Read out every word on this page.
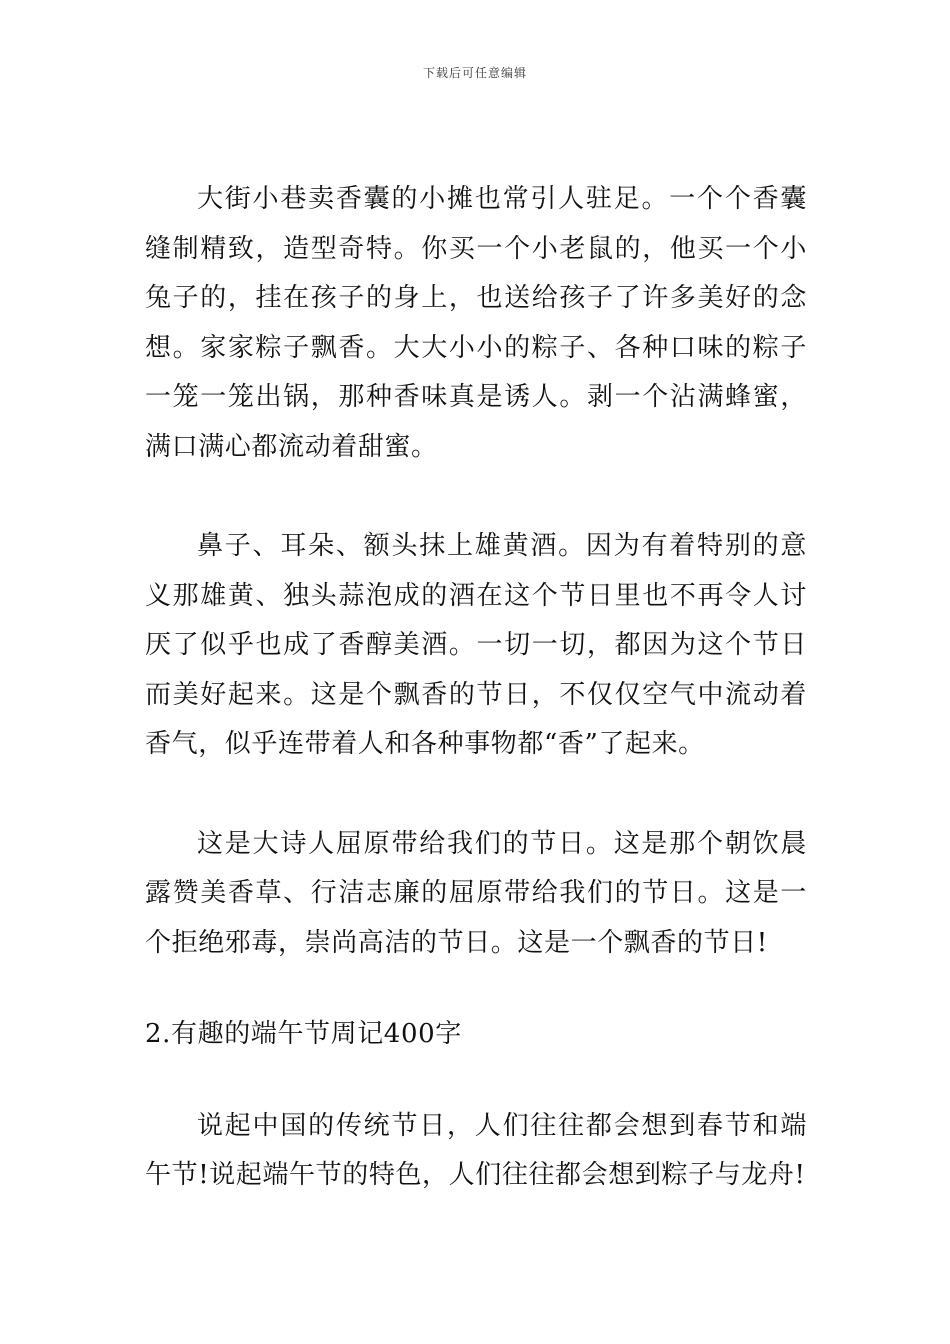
下载后可任意编辑

大街小巷卖香囊的小摊也常引人驻足。一个个香囊缝制精致，造型奇特。你买一个小老鼠的，他买一个小兔子的，挂在孩子的身上，也送给孩子了许多美好的念想。家家粽子飘香。大大小小的粽子、各种口味的粽子一笼一笼出锅，那种香味真是诱人。剥一个沾满蜂蜜，满口满心都流动着甜蜜。

鼻子、耳朵、额头抹上雄黄酒。因为有着特别的意义那雄黄、独头蒜泡成的酒在这个节日里也不再令人讨厌了似乎也成了香醇美酒。一切一切，都因为这个节日而美好起来。这是个飘香的节日，不仅仅空气中流动着香气，似乎连带着人和各种事物都“香”了起来。

这是大诗人屈原带给我们的节日。这是那个朝饮晨露赞美香草、行洁志廉的屈原带给我们的节日。这是一个拒绝邪毒，崇尚高洁的节日。这是一个飘香的节日!

2.有趣的端午节周记400字

说起中国的传统节日，人们往往都会想到春节和端午节!说起端午节的特色，人们往往都会想到粽子与龙舟!
